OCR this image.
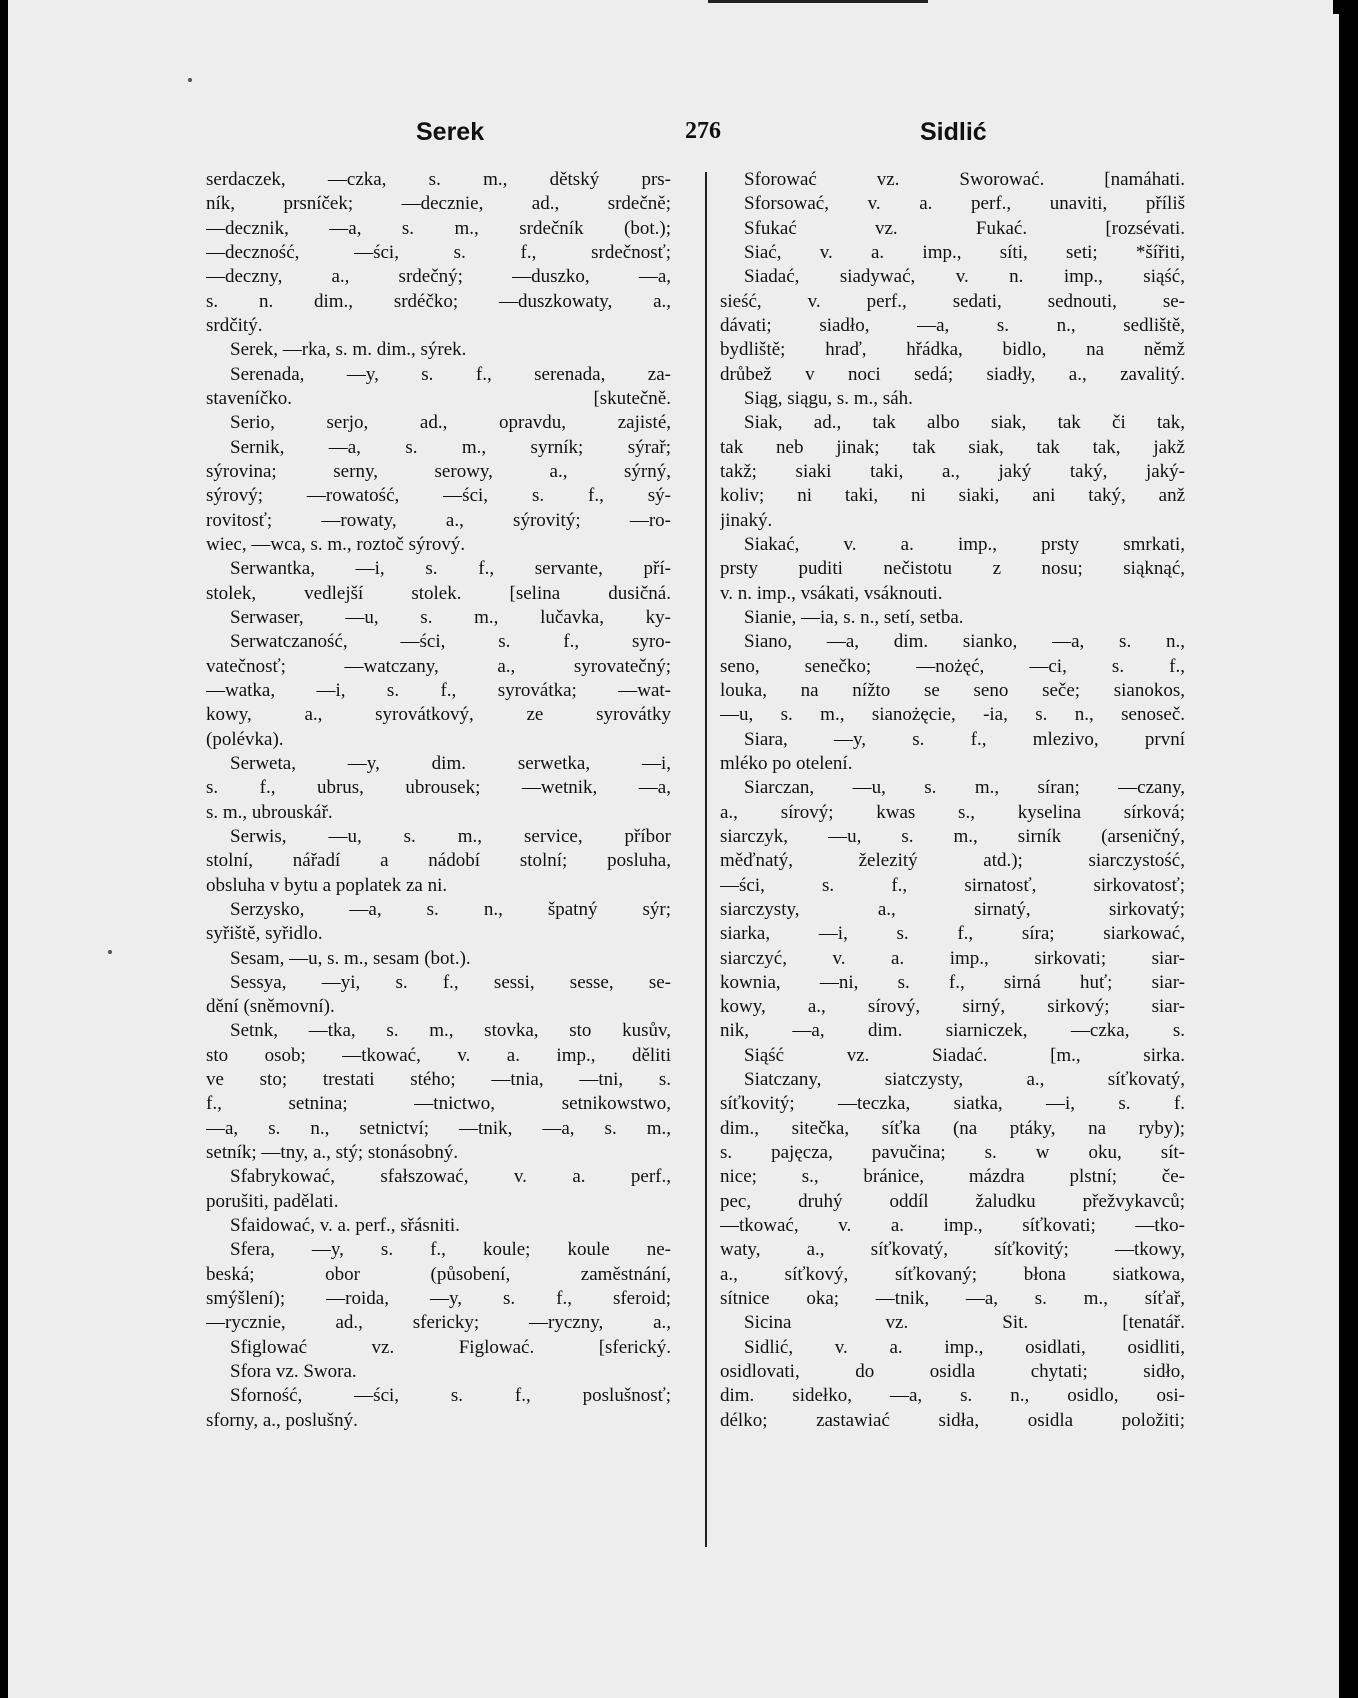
Serek	276	Sidlić
serdaczek, —czka, s. m., dětský prs-
ník, prsníček; —decznie, ad., srdečně;
—decznik, —a, s. m., srdečník (bot.);
—deczność, —ści, s. f., srdečnosť;
—deczny, a., srdečný; —duszko, —a,
s. n. dim., srdéčko; —duszkowaty, a.,
srdčitý.
Serek, —rka, s. m. dim., sýrek.
Serenada, —y, s. f., serenada, za-
staveníčko. [skutečně.
Serio, serjo, ad., opravdu, zajisté,
Sernik, —a, s. m., syrník; sýrař;
sýrovina; serny, serowy, a., sýrný,
sýrový; —rowatość, —ści, s. f., sý-
rovitosť; —rowaty, a., sýrovitý; —ro-
wiec, —wca, s. m., roztoč sýrový.
Serwantka, —i, s. f., servante, pří-
stolek, vedlejší stolek. [selina dusičná.
Serwaser, —u, s. m., lučavka, ky-
Serwatczaność, —ści, s. f., syro-
vatečnosť; —watczany, a., syrovatečný;
—watka, —i, s. f., syrovátka; —wat-
kowy, a., syrovátkový, ze syrovátky
(polévka).
Serweta, —y, dim. serwetka, —i,
s. f., ubrus, ubrousek; —wetnik, —a,
s. m., ubrouskář.
Serwis, —u, s. m., service, příbor
stolní, nářadí a nádobí stolní; posluha,
obsluha v bytu a poplatek za ni.
Serzysko, —a, s. n., špatný sýr;
syřiště, syřidlo.
Sesam, —u, s. m., sesam (bot.).
Sessya, —yi, s. f., sessi, sesse, se-
dění (sněmovní).
Setnk, —tka, s. m., stovka, sto kusův,
sto osob; —tkować, v. a. imp., děliti
ve sto; trestati stého; —tnia, —tni, s.
f., setnina; —tnictwo, setnikowstwo,
—a, s. n., setnictví; —tnik, —a, s. m.,
setník; —tny, a., stý; stonásobný.
Sfabrykować, sfałszować, v. a. perf.,
porušiti, padělati.
Sfaidować, v. a. perf., sřásniti.
Sfera, —y, s. f., koule; koule ne-
beská; obor (působení, zaměstnání,
smýšlení); —roida, —y, s. f., sferoid;
—rycznie, ad., sfericky; —ryczny, a.,
Sfiglować vz. Figlować. [sferický.
Sfora vz. Swora.
Sforność, —ści, s. f., poslušnosť;
sforny, a., poslušný.
Sforować vz. Sworować. [namáhati.
Sforsować, v. a. perf., unaviti, příliš
Sfukać vz. Fukać. [rozsévati.
Siać, v. a. imp., síti, seti; *šířiti,
Siadać, siadywać, v. n. imp., siąść,
sieść, v. perf., sedati, sednouti, se-
dávati; siadło, —a, s. n., sedliště,
bydliště; hraď, hřádka, bidlo, na němž
drůbež v noci sedá; siadły, a., zavalitý.
Siąg, siągu, s. m., sáh.
Siak, ad., tak albo siak, tak či tak,
tak neb jinak; tak siak, tak tak, jakž
takž; siaki taki, a., jaký taký, jaký-
koliv; ni taki, ni siaki, ani taký, anž
jinaký.
Siakać, v. a. imp., prsty smrkati,
prsty puditi nečistotu z nosu; siąknąć,
v. n. imp., vsákati, vsáknouti.
Sianie, —ia, s. n., setí, setba.
Siano, —a, dim. sianko, —a, s. n.,
seno, senečko; —nożęć, —ci, s. f.,
louka, na nížto se seno seče; sianokos,
—u, s. m., sianożęcie, -ia, s. n., senoseč.
Siara, —y, s. f., mlezivo, první
mléko po otelení.
Siarczan, —u, s. m., síran; —czany,
a., sírový; kwas s., kyselina sírková;
siarczyk, —u, s. m., sirník (arseničný,
měďnatý, železitý atd.); siarczystość,
—ści, s. f., sirnatosť, sirkovatosť;
siarczysty, a., sirnatý, sirkovatý;
siarka, —i, s. f., síra; siarkować,
siarczyć, v. a. imp., sirkovati; siar-
kownia, —ni, s. f., sirná huť; siar-
kowy, a., sírový, sirný, sirkový; siar-
nik, —a, dim. siarniczek, —czka, s.
Siąść vz. Siadać. [m., sirka.
Siatczany, siatczysty, a., síťkovatý,
síťkovitý; —teczka, siatka, —i, s. f.
dim., sitečka, síťka (na ptáky, na ryby);
s. pajęcza, pavučina; s. w oku, sít-
nice; s., bránice, mázdra plstní; če-
pec, druhý oddíl žaludku přežvykavců;
—tkować, v. a. imp., síťkovati; —tko-
waty, a., síťkovatý, síťkovitý; —tkowy,
a., síťkový, síťkovaný; błona siatkowa,
sítnice oka; —tnik, —a, s. m., síťař,
Sicina vz. Sit. [tenatář.
Sidlić, v. a. imp., osidlati, osidliti,
osidlovati, do osidla chytati; sidło,
dim. sidełko, —a, s. n., osidlo, osi-
délko; zastawiać sidła, osidla položiti;
